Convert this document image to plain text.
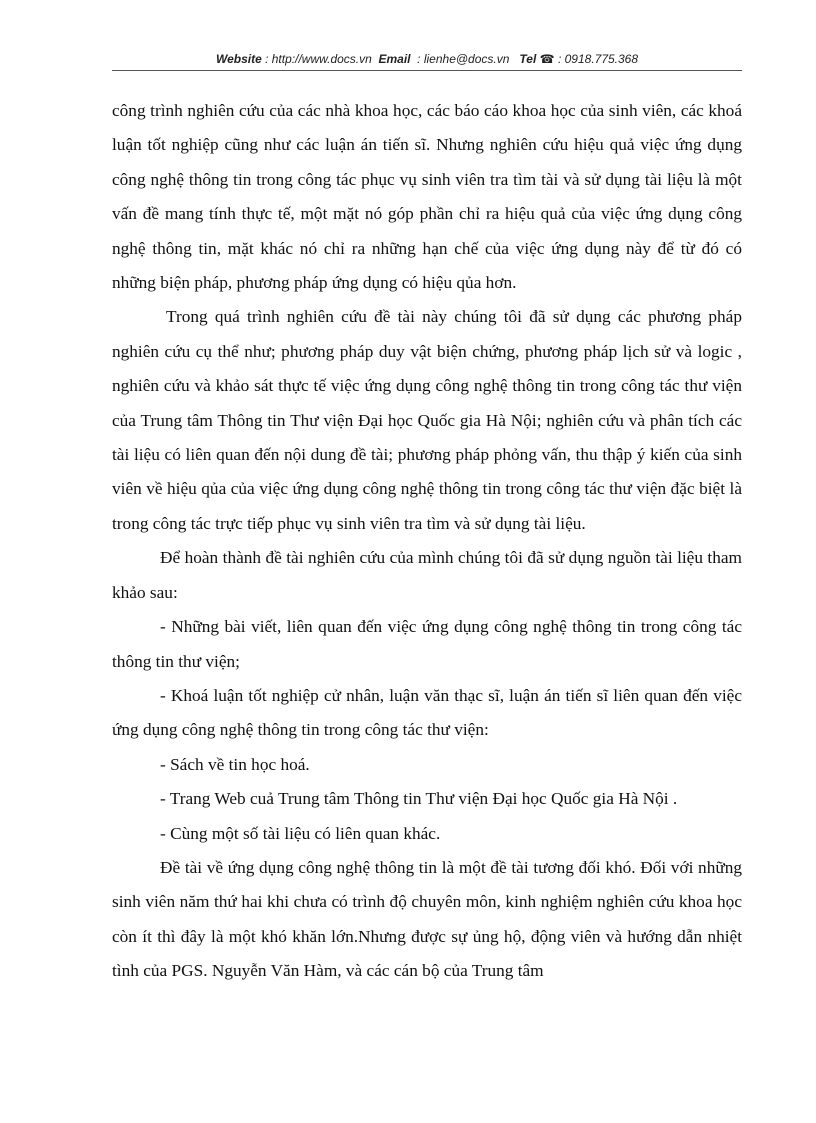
Website : http://www.docs.vn Email : lienhe@docs.vn Tel ☎ : 0918.775.368

công trình nghiên cứu của các nhà khoa học, các báo cáo khoa học của sinh viên, các khoá luận tốt nghiệp cũng như các luận án tiến sĩ. Nhưng nghiên cứu hiệu quả việc ứng dụng công nghệ thông tin trong công tác phục vụ sinh viên tra tìm tài và sử dụng tài liệu là một vấn đề mang tính thực tế, một mặt nó góp phần chỉ ra hiệu quả của việc ứng dụng công nghệ thông tin, mặt khác nó chỉ ra những hạn chế của việc ứng dụng này để từ đó có những biện pháp, phương pháp ứng dụng có hiệu qủa hơn.

Trong quá trình nghiên cứu đề tài này chúng tôi đã sử dụng các phương pháp nghiên cứu cụ thể như; phương pháp duy vật biện chứng, phương pháp lịch sử và logic , nghiên cứu và khảo sát thực tế việc ứng dụng công nghệ thông tin trong công tác thư viện của Trung tâm Thông tin Thư viện Đại học Quốc gia Hà Nội; nghiên cứu và phân tích các tài liệu có liên quan đến nội dung đề tài; phương pháp phỏng vấn, thu thập ý kiến của sinh viên về hiệu qủa của việc ứng dụng công nghệ thông tin trong công tác thư viện đặc biệt là trong công tác trực tiếp phục vụ sinh viên tra tìm và sử dụng tài liệu.

Để hoàn thành đề tài nghiên cứu của mình chúng tôi đã sử dụng nguồn tài liệu tham khảo sau:

- Những bài viết, liên quan đến việc ứng dụng công nghệ thông tin trong công tác thông tin thư viện;

- Khoá luận tốt nghiệp cử nhân, luận văn thạc sĩ, luận án tiến sĩ liên quan đến việc ứng dụng công nghệ thông tin trong công tác thư viện:

- Sách về tin học hoá.

- Trang Web cuả Trung tâm Thông tin Thư viện Đại học Quốc gia Hà Nội .

- Cùng một số tài liệu có liên quan khác.

Đề tài về ứng dụng công nghệ thông tin là một đề tài tương đối khó. Đối với những sinh viên năm thứ hai khi chưa có trình độ chuyên môn, kinh nghiệm nghiên cứu khoa học còn ít thì đây là một khó khăn lớn.Nhưng được sự ủng hộ, động viên và hướng dẫn nhiệt tình của PGS. Nguyễn Văn Hàm, và các cán bộ của Trung tâm
